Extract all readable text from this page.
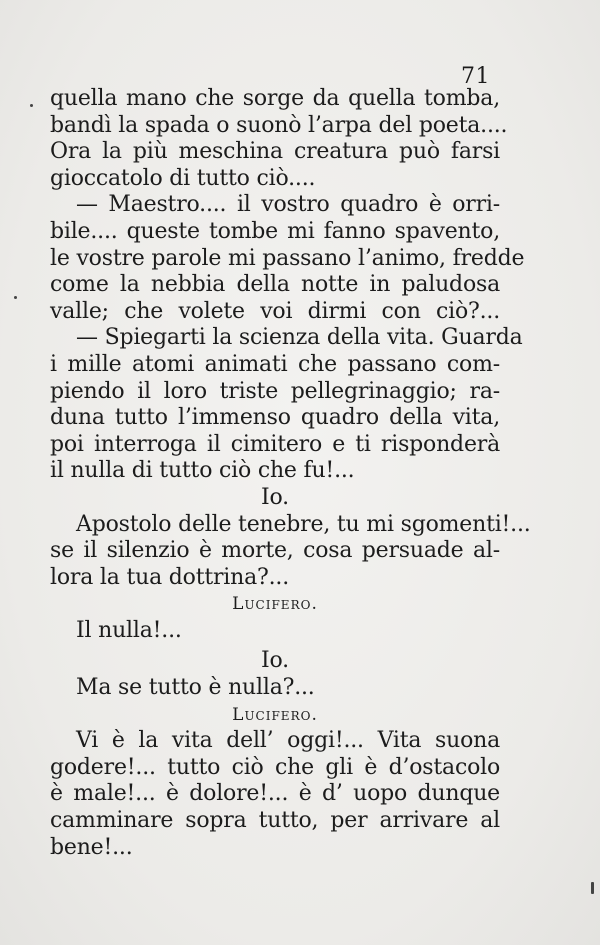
71
quella mano che sorge da quella tomba,
bandì la spada o suonò l’arpa del poeta....
Ora la più meschina creatura può farsi
gioccatolo di tutto ciò....
— Maestro.... il vostro quadro è orri-
bile.... queste tombe mi fanno spavento,
le vostre parole mi passano l’animo, fredde
come la nebbia della notte in paludosa
valle; che volete voi dirmi con ciò?...
— Spiegarti la scienza della vita. Guarda
i mille atomi animati che passano com-
piendo il loro triste pellegrinaggio; ra-
duna tutto l’immenso quadro della vita,
poi interroga il cimitero e ti risponderà
il nulla di tutto ciò che fu!...
Io.
Apostolo delle tenebre, tu mi sgomenti!...
se il silenzio è morte, cosa persuade al-
lora la tua dottrina?...
Lucifero.
Il nulla!...
Io.
Ma se tutto è nulla?...
Lucifero.
Vi è la vita dell’ oggi!... Vita suona
godere!... tutto ciò che gli è d’ostacolo
è male!... è dolore!... è d’ uopo dunque
camminare sopra tutto, per arrivare al
bene!...
